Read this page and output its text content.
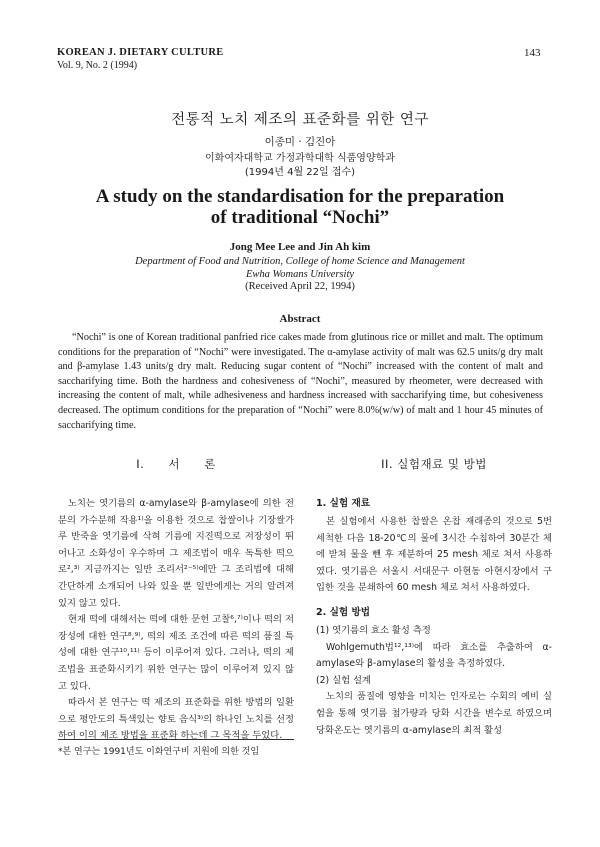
KOREAN J. DIETARY CULTURE
Vol. 9, No. 2 (1994)
143
전통적 노치 제조의 표준화를 위한 연구
이종미 · 김진아
이화여자대학교 가정과학대학 식품영양학과
(1994년 4월 22일 접수)
A study on the standardisation for the preparation
of traditional “Nochi”
Jong Mee Lee and Jin Ah kim
Department of Food and Nutrition, College of home Science and Management
Ewha Womans University
(Received April 22, 1994)
Abstract

“Nochi” is one of Korean traditional panfried rice cakes made from glutinous rice or millet and malt. The optimum conditions for the preparation of “Nochi” were investigated. The α-amylase activity of malt was 62.5 units/g dry malt and β-amylase 1.43 units/g dry malt. Reducing sugar content of “Nochi” increased with the content of malt and saccharifying time. Both the hardness and cohesiveness of “Nochi”, measured by rheometer, were decreased with increasing the content of malt, while adhesiveness and hardness increased with saccharifying time, but cohesiveness decreased. The optimum conditions for the preparation of “Nochi” were 8.0%(w/w) of malt and 1 hour 45 minutes of saccharifying time.

I. 서 론

노치는 엿기름의 α-amylase와 β-amylase에 의한 전분의 가수분해 작용¹⁾을 이용한 것으로 찹쌀이나 기장쌀가루 반죽을 엿기름에 삭혀 기름에 지진떡으로 저장성이 뛰어나고 소화성이 우수하며 그 제조법이 매우 독특한 떡으로²,³⁾ 지금까지는 일반 조리서²⁻⁵⁾에만 그 조리법에 대해 간단하게 소개되어 나와 있을 뿐 일반에게는 거의 알려져 있지 않고 있다.

현재 떡에 대해서는 떡에 대한 문헌 고찰⁶,⁷⁾이나 떡의 저장성에 대한 연구⁸,⁹⁾, 떡의 제조 조건에 따른 떡의 품질 특성에 대한 연구¹⁰,¹¹⁾ 등이 이루어져 있다. 그러나, 떡의 제조법을 표준화시키기 위한 연구는 많이 이루어져 있지 않고 있다.

따라서 본 연구는 떡 제조의 표준화를 위한 방법의 일환으로 평안도의 특색있는 향토 음식³⁾의 하나인 노치를 선정하여 이의 제조 방법을 표준화 하는데 그 목적을 두었다.

II. 실험재료 및 방법
1. 실험 재료

본 실험에서 사용한 찹쌀은 온찹 재래종의 것으로 5번 세척한 다음 18-20℃의 물에 3시간 수침하여 30분간 체에 받쳐 물을 뺀 후 제분하여 25 mesh 체로 쳐서 사용하였다. 엿기름은 서울시 서대문구 아현동 아현시장에서 구입한 것을 분쇄하여 60 mesh 체로 쳐서 사용하였다.

2. 실험 방법

(1) 엿기름의 효소 활성 측정

Wohlgemuth법¹²,¹³⁾에 따라 효소를 추출하여 α-amylase와 β-amylase의 활성을 측정하였다.

(2) 실험 설계

노치의 품질에 영향을 미치는 인자로는 수회의 예비 실험을 통해 엿기름 첨가량과 당화 시간을 변수로 하였으며 당화온도는 엿기름의 α-amylase의 최적 활성

*본 연구는 1991년도 이화연구비 지원에 의한 것임
